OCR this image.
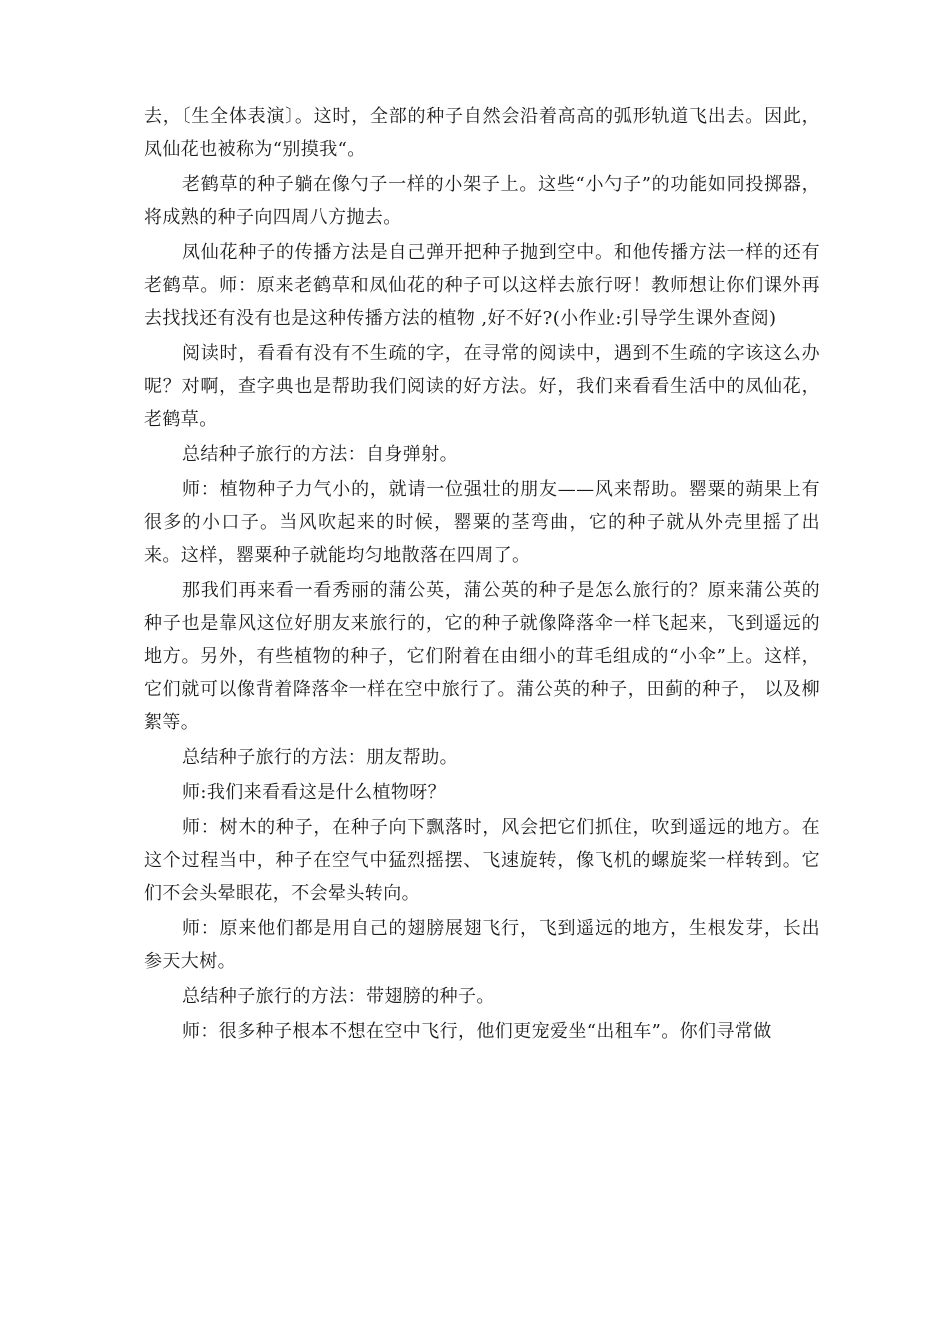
去，〔生全体表演〕。这时，全部的种子自然会沿着高高的弧形轨道飞出去。因此，凤仙花也被称为“别摸我“。

老鹤草的种子躺在像勺子一样的小架子上。这些“小勺子”的功能如同投掷器，将成熟的种子向四周八方抛去。

凤仙花种子的传播方法是自己弹开把种子抛到空中。和他传播方法一样的还有老鹤草。师：原来老鹤草和凤仙花的种子可以这样去旅行呀！教师想让你们课外再去找找还有没有也是这种传播方法的植物 ,好不好?(小作业:引导学生课外查阅)

阅读时，看看有没有不生疏的字，在寻常的阅读中，遇到不生疏的字该这么办呢？对啊，查字典也是帮助我们阅读的好方法。好，我们来看看生活中的凤仙花，老鹤草。

总结种子旅行的方法：自身弹射。

师：植物种子力气小的，就请一位强壮的朋友——风来帮助。罂粟的蒴果上有很多的小口子。当风吹起来的时候，罂粟的茎弯曲，它的种子就从外壳里摇了出来。这样，罂粟种子就能均匀地散落在四周了。

那我们再来看一看秀丽的蒲公英，蒲公英的种子是怎么旅行的？原来蒲公英的种子也是靠风这位好朋友来旅行的，它的种子就像降落伞一样飞起来，飞到遥远的地方。另外，有些植物的种子，它们附着在由细小的茸毛组成的“小伞”上。这样，它们就可以像背着降落伞一样在空中旅行了。蒲公英的种子，田蓟的种子， 以及柳絮等。

总结种子旅行的方法：朋友帮助。

师:我们来看看这是什么植物呀？

师：树木的种子，在种子向下飘落时，风会把它们抓住，吹到遥远的地方。在这个过程当中，种子在空气中猛烈摇摆、飞速旋转，像飞机的螺旋桨一样转到。它们不会头晕眼花，不会晕头转向。

师：原来他们都是用自己的翅膀展翅飞行，飞到遥远的地方，生根发芽，长出参天大树。

总结种子旅行的方法：带翅膀的种子。

师：很多种子根本不想在空中飞行，他们更宠爱坐“出租车”。你们寻常做
